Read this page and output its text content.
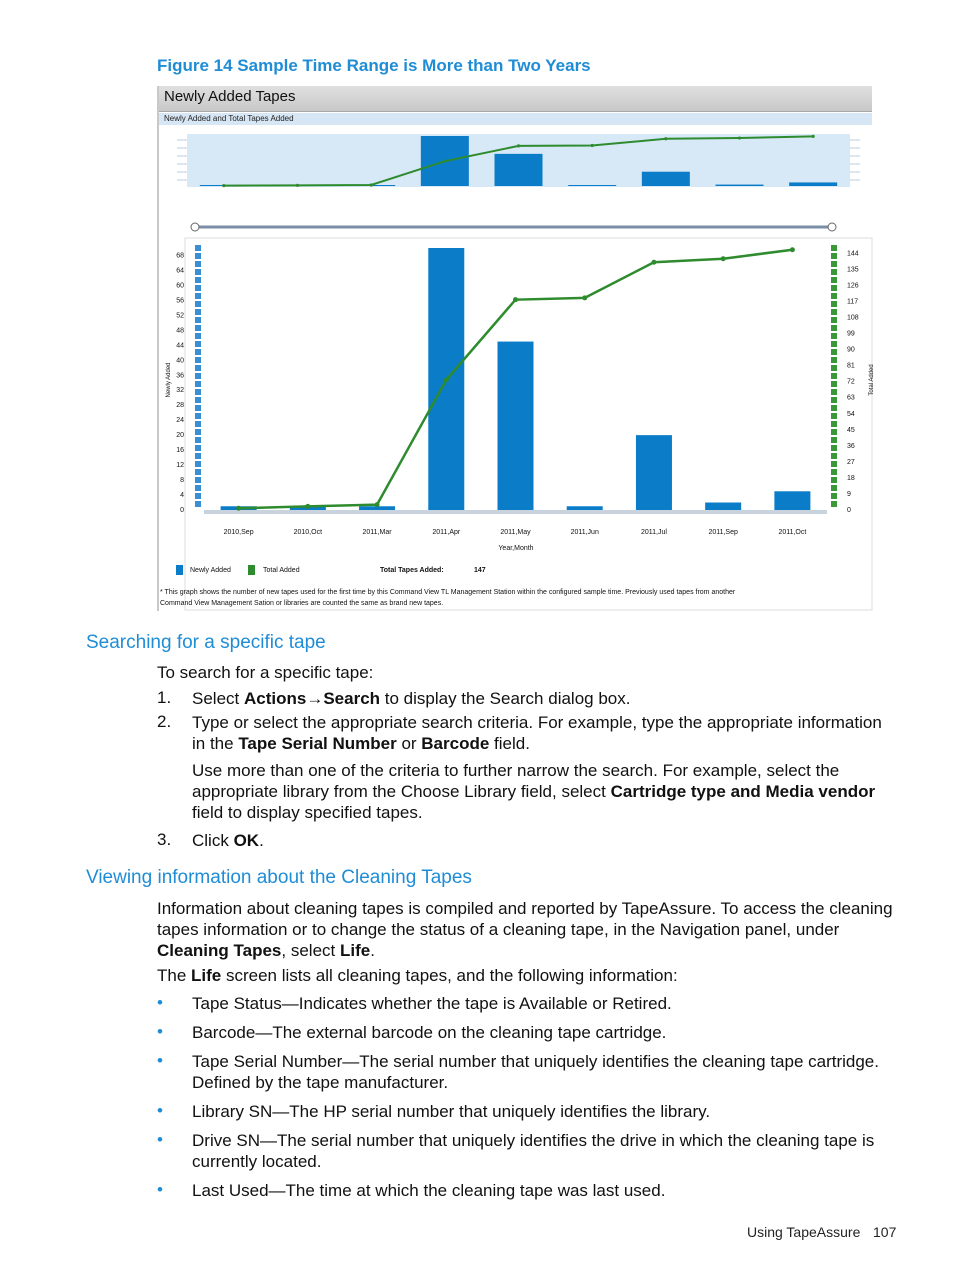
Figure 14 Sample Time Range is More than Two Years
Newly Added Tapes
Newly Added and Total Tapes Added
0
4
8
12
16
20
24
28
32
36
40
44
48
52
56
60
64
68
0
9
18
27
36
45
54
63
72
81
90
99
108
117
126
135
144
2010,Sep	2010,Oct	2011,Mar	2011,Apr	2011,May	2011,Jun	2011,Jul	2011,Sep	2011,Oct
Year,Month
Newly Added	Total Added
Newly Added	Total Added	Total Tapes Added:	147
* This graph shows the number of new tapes used for the first time by this Command View TL Management Station within the configured sample time. Previously used tapes from another
Command View Management Sation or libraries are counted the same as brand new tapes.
Searching for a specific tape
To search for a specific tape:
1. Select Actions→Search to display the Search dialog box.
2. Type or select the appropriate search criteria. For example, type the appropriate information
in the Tape Serial Number or Barcode field.
Use more than one of the criteria to further narrow the search. For example, select the
appropriate library from the Choose Library field, select Cartridge type and Media vendor
field to display specified tapes.
3. Click OK.
Viewing information about the Cleaning Tapes
Information about cleaning tapes is compiled and reported by TapeAssure. To access the cleaning
tapes information or to change the status of a cleaning tape, in the Navigation panel, under
Cleaning Tapes, select Life.
The Life screen lists all cleaning tapes, and the following information:
• Tape Status—Indicates whether the tape is Available or Retired.
• Barcode—The external barcode on the cleaning tape cartridge.
• Tape Serial Number—The serial number that uniquely identifies the cleaning tape cartridge.
Defined by the tape manufacturer.
• Library SN—The HP serial number that uniquely identifies the library.
• Drive SN—The serial number that uniquely identifies the drive in which the cleaning tape is
currently located.
• Last Used—The time at which the cleaning tape was last used.
Using TapeAssure 107
